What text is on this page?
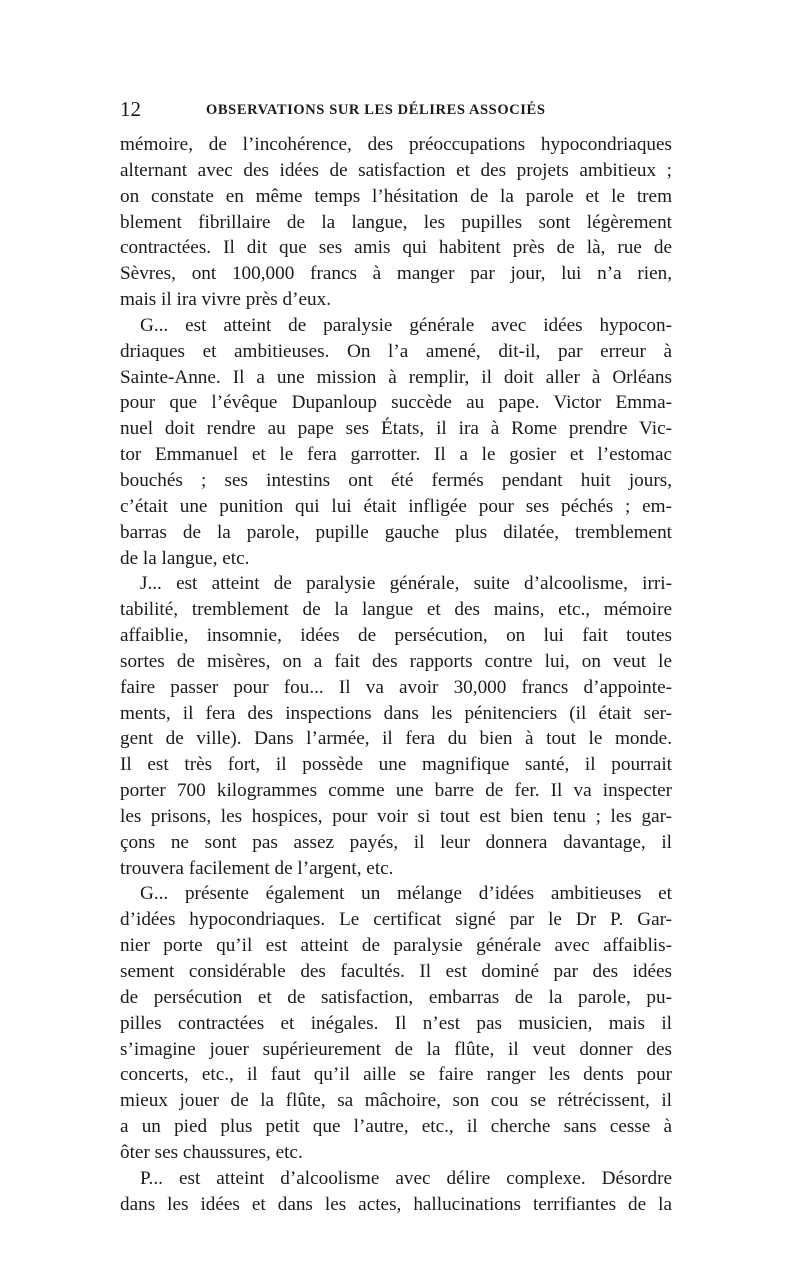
12	OBSERVATIONS SUR LES DÉLIRES ASSOCIÉS
mémoire, de l’incohérence, des préoccupations hypocondriaques
alternant avec des idées de satisfaction et des projets ambitieux ;
on constate en même temps l’hésitation de la parole et le trem
blement fibrillaire de la langue, les pupilles sont légèrement
contractées. Il dit que ses amis qui habitent près de là, rue de
Sèvres, ont 100,000 francs à manger par jour, lui n’a rien,
mais il ira vivre près d’eux.
G... est atteint de paralysie générale avec idées hypocon-
driaques et ambitieuses. On l’a amené, dit-il, par erreur à
Sainte-Anne. Il a une mission à remplir, il doit aller à Orléans
pour que l’évêque Dupanloup succède au pape. Victor Emma-
nuel doit rendre au pape ses États, il ira à Rome prendre Vic-
tor Emmanuel et le fera garrotter. Il a le gosier et l’estomac
bouchés ; ses intestins ont été fermés pendant huit jours,
c’était une punition qui lui était infligée pour ses péchés ; em-
barras de la parole, pupille gauche plus dilatée, tremblement
de la langue, etc.
J... est atteint de paralysie générale, suite d’alcoolisme, irri-
tabilité, tremblement de la langue et des mains, etc., mémoire
affaiblie, insomnie, idées de persécution, on lui fait toutes
sortes de misères, on a fait des rapports contre lui, on veut le
faire passer pour fou... Il va avoir 30,000 francs d’appointe-
ments, il fera des inspections dans les pénitenciers (il était ser-
gent de ville). Dans l’armée, il fera du bien à tout le monde.
Il est très fort, il possède une magnifique santé, il pourrait
porter 700 kilogrammes comme une barre de fer. Il va inspecter
les prisons, les hospices, pour voir si tout est bien tenu ; les gar-
çons ne sont pas assez payés, il leur donnera davantage, il
trouvera facilement de l’argent, etc.
G... présente également un mélange d’idées ambitieuses et
d’idées hypocondriaques. Le certificat signé par le Dr P. Gar-
nier porte qu’il est atteint de paralysie générale avec affaiblis-
sement considérable des facultés. Il est dominé par des idées
de persécution et de satisfaction, embarras de la parole, pu-
pilles contractées et inégales. Il n’est pas musicien, mais il
s’imagine jouer supérieurement de la flûte, il veut donner des
concerts, etc., il faut qu’il aille se faire ranger les dents pour
mieux jouer de la flûte, sa mâchoire, son cou se rétrécissent, il
a un pied plus petit que l’autre, etc., il cherche sans cesse à
ôter ses chaussures, etc.
P... est atteint d’alcoolisme avec délire complexe. Désordre
dans les idées et dans les actes, hallucinations terrifiantes de la
